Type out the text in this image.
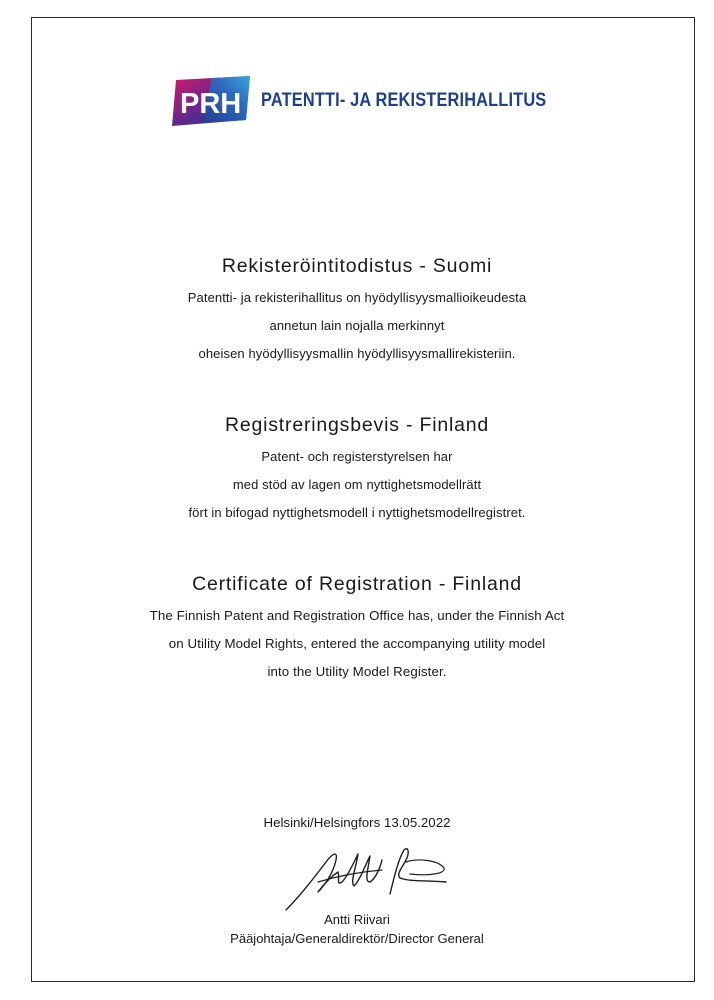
PRH PATENTTI- JA REKISTERIHALLITUS
Rekisteröintitodistus - Suomi
Patentti- ja rekisterihallitus on hyödyllisyysmallioikeudesta
annetun lain nojalla merkinnyt
oheisen hyödyllisyysmallin hyödyllisyysmallirekisteriin.
Registreringsbevis - Finland
Patent- och registerstyrelsen har
med stöd av lagen om nyttighetsmodellrätt
fört in bifogad nyttighetsmodell i nyttighetsmodellregistret.
Certificate of Registration - Finland
The Finnish Patent and Registration Office has, under the Finnish Act
on Utility Model Rights, entered the accompanying utility model
into the Utility Model Register.
Helsinki/Helsingfors 13.05.2022
Antti Riivari
Pääjohtaja/Generaldirektör/Director General
